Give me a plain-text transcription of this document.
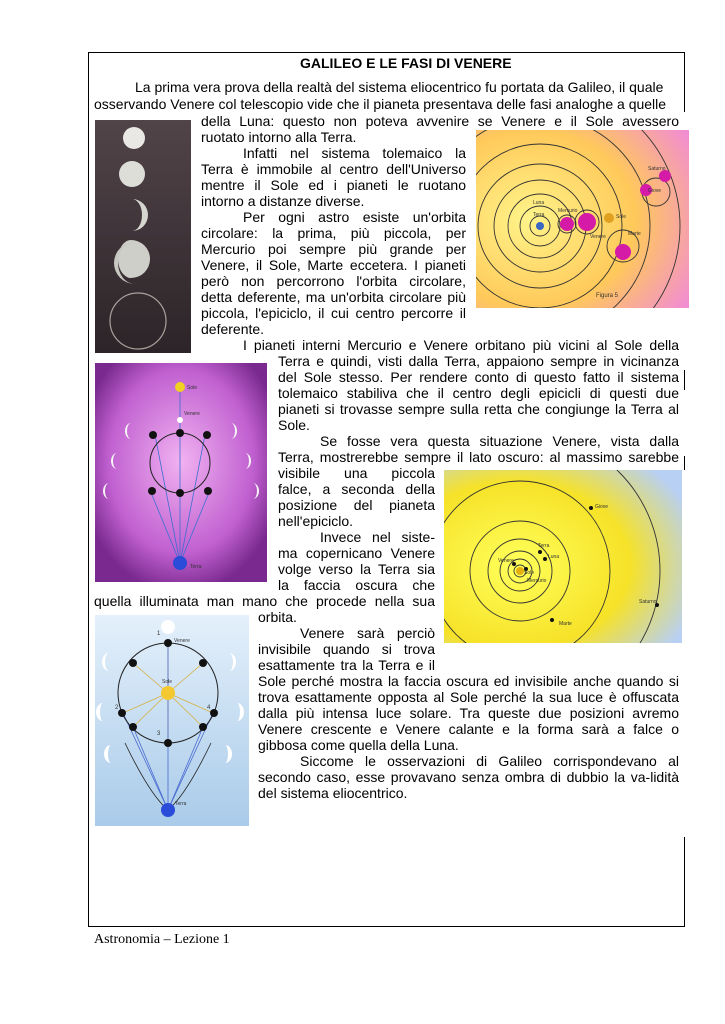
GALILEO E LE FASI DI VENERE
La prima vera prova della realtà del sistema eliocentrico fu portata da Galileo, il quale
osservando Venere col telescopio vide che il pianeta presentava delle fasi analoghe a quelle
della Luna: questo non poteva avvenire se Venere e il Sole avessero
ruotato intorno alla Terra.
Infatti nel sistema tolemaico la
Terra è immobile al centro dell'Universo
mentre il Sole ed i pianeti le ruotano
intorno a distanze diverse.
Per ogni astro esiste un'orbita
circolare: la prima, più piccola, per
Mercurio poi sempre più grande per
Venere, il Sole, Marte eccetera. I pianeti
però non percorrono l'orbita circolare,
detta deferente, ma un'orbita circolare più
piccola, l'epiciclo, il cui centro percorre il
deferente.
I pianeti interni Mercurio e Venere orbitano più vicini al Sole della
Terra e quindi, visti dalla Terra, appaiono sempre in vicinanza
del Sole stesso. Per rendere conto di questo fatto il sistema
tolemaico stabiliva che il centro degli epicicli di questi due
pianeti si trovasse sempre sulla retta che congiunge la Terra al
Sole.
Se fosse vera questa situazione Venere, vista dalla
Terra, mostrerebbe sempre il lato oscuro: al massimo sarebbe
visibile una piccola
falce, a seconda della
posizione del pianeta
nell'epiciclo.
Invece nel siste-
ma copernicano Venere
volge verso la Terra sia
la faccia oscura che
quella illuminata man mano che procede nella sua
orbita.
Venere sarà perciò
invisibile quando si trova
esattamente tra la Terra e il
Sole perché mostra la faccia oscura ed invisibile anche quando si
trova esattamente opposta al Sole perché la sua luce è offuscata
dalla più intensa luce solare. Tra queste due posizioni avremo
Venere crescente e Venere calante e la forma sarà a falce o
gibbosa come quella della Luna.
Siccome le osservazioni di Galileo corrispondevano al
secondo caso, esse provavano senza ombra di dubbio la va-lidità
del sistema eliocentrico.
Saturno
Giove
Luna
Terra
Mercurio
Venere
Sole
Marte
Figura 5
Venere
Sole
Terra
Giove
Terra
Luna
Venere
Sole
Mercurio
Marte
Saturno
Venere
Sole
1
2
3
4
Terra
Astronomia – Lezione 1
